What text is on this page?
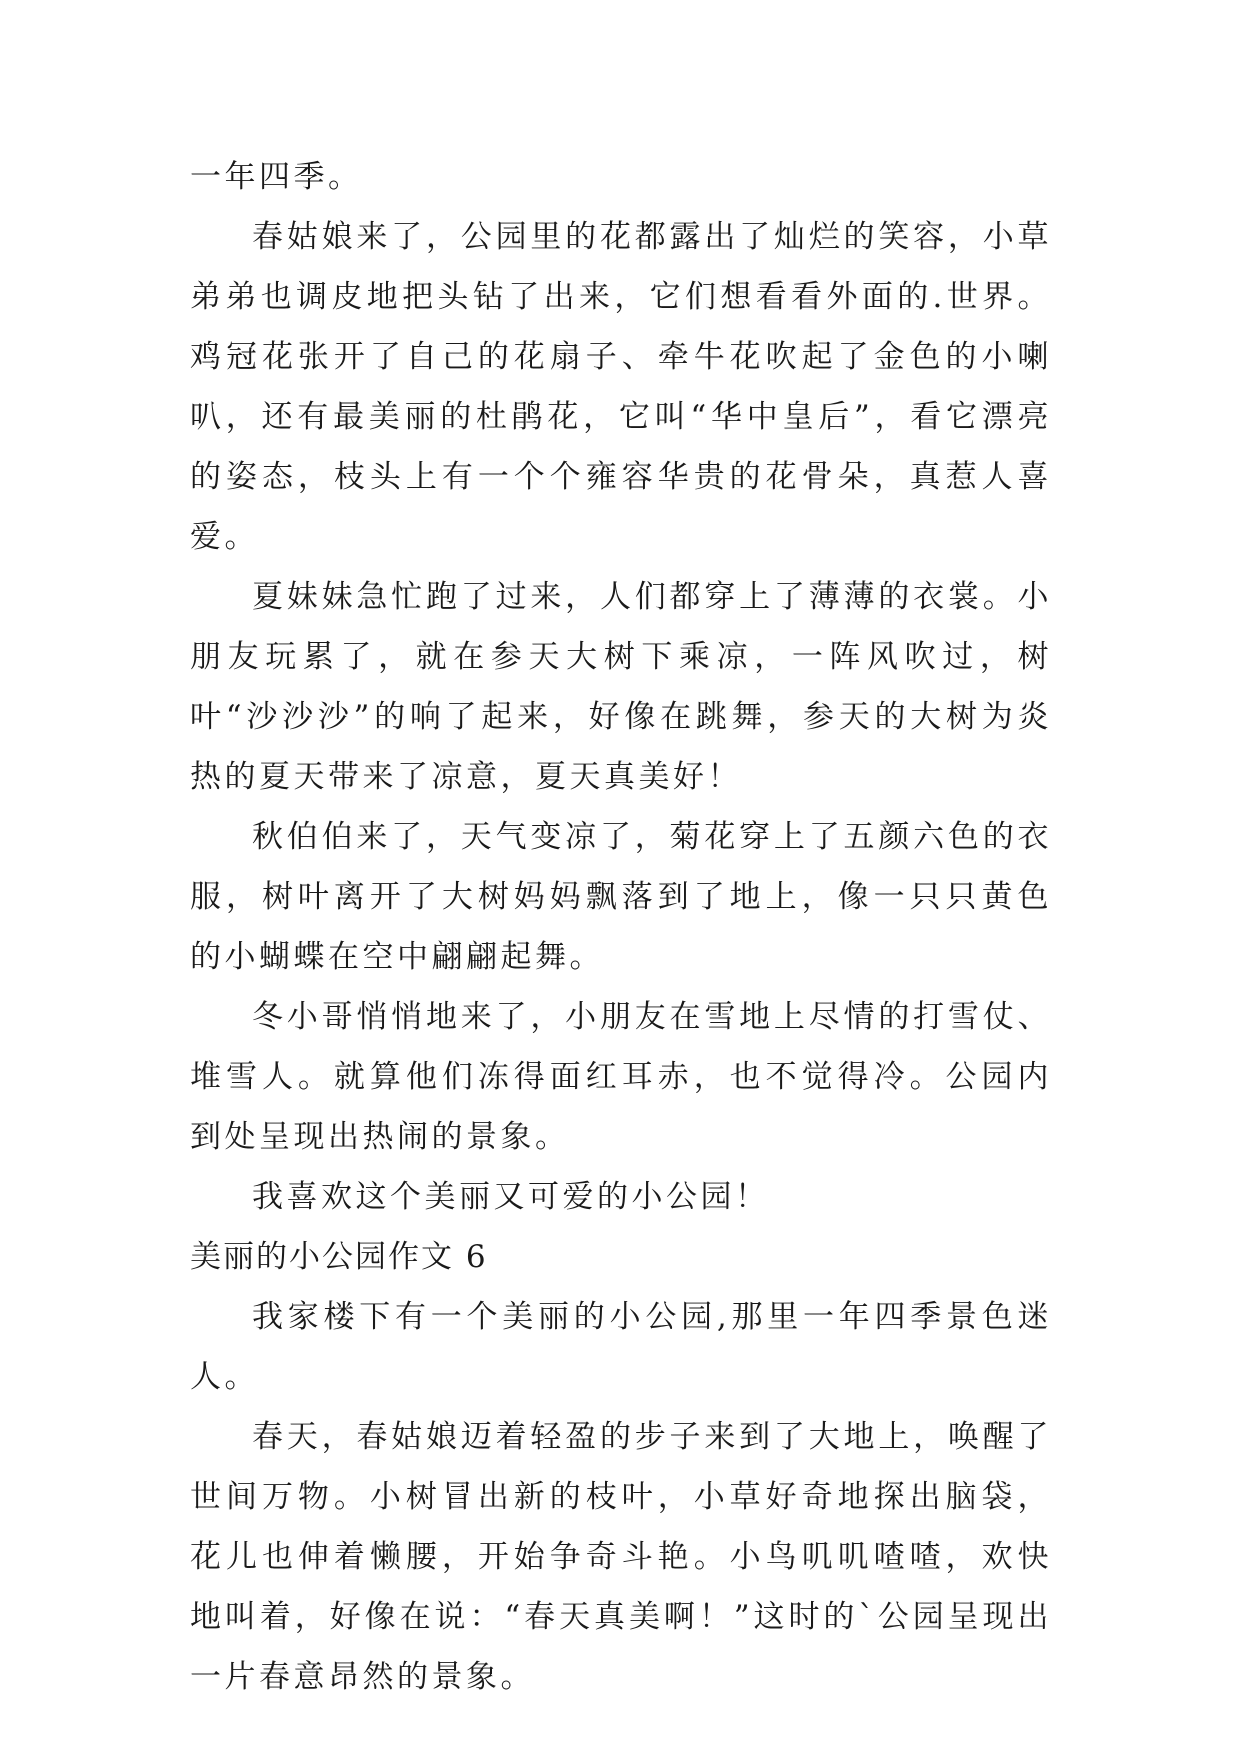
一年四季。

春姑娘来了，公园里的花都露出了灿烂的笑容，小草弟弟也调皮地把头钻了出来，它们想看看外面的.世界。鸡冠花张开了自己的花扇子、牵牛花吹起了金色的小喇叭，还有最美丽的杜鹃花，它叫“华中皇后”，看它漂亮的姿态，枝头上有一个个雍容华贵的花骨朵，真惹人喜爱。

夏妹妹急忙跑了过来，人们都穿上了薄薄的衣裳。小朋友玩累了，就在参天大树下乘凉，一阵风吹过，树叶“沙沙沙”的响了起来，好像在跳舞，参天的大树为炎热的夏天带来了凉意，夏天真美好！

秋伯伯来了，天气变凉了，菊花穿上了五颜六色的衣服，树叶离开了大树妈妈飘落到了地上，像一只只黄色的小蝴蝶在空中翩翩起舞。

冬小哥悄悄地来了，小朋友在雪地上尽情的打雪仗、堆雪人。就算他们冻得面红耳赤，也不觉得冷。公园内到处呈现出热闹的景象。

我喜欢这个美丽又可爱的小公园！

美丽的小公园作文 6

我家楼下有一个美丽的小公园,那里一年四季景色迷人。

春天，春姑娘迈着轻盈的步子来到了大地上，唤醒了世间万物。小树冒出新的枝叶，小草好奇地探出脑袋，花儿也伸着懒腰，开始争奇斗艳。小鸟叽叽喳喳，欢快地叫着，好像在说：“春天真美啊！”这时的`公园呈现出一片春意昂然的景象。
